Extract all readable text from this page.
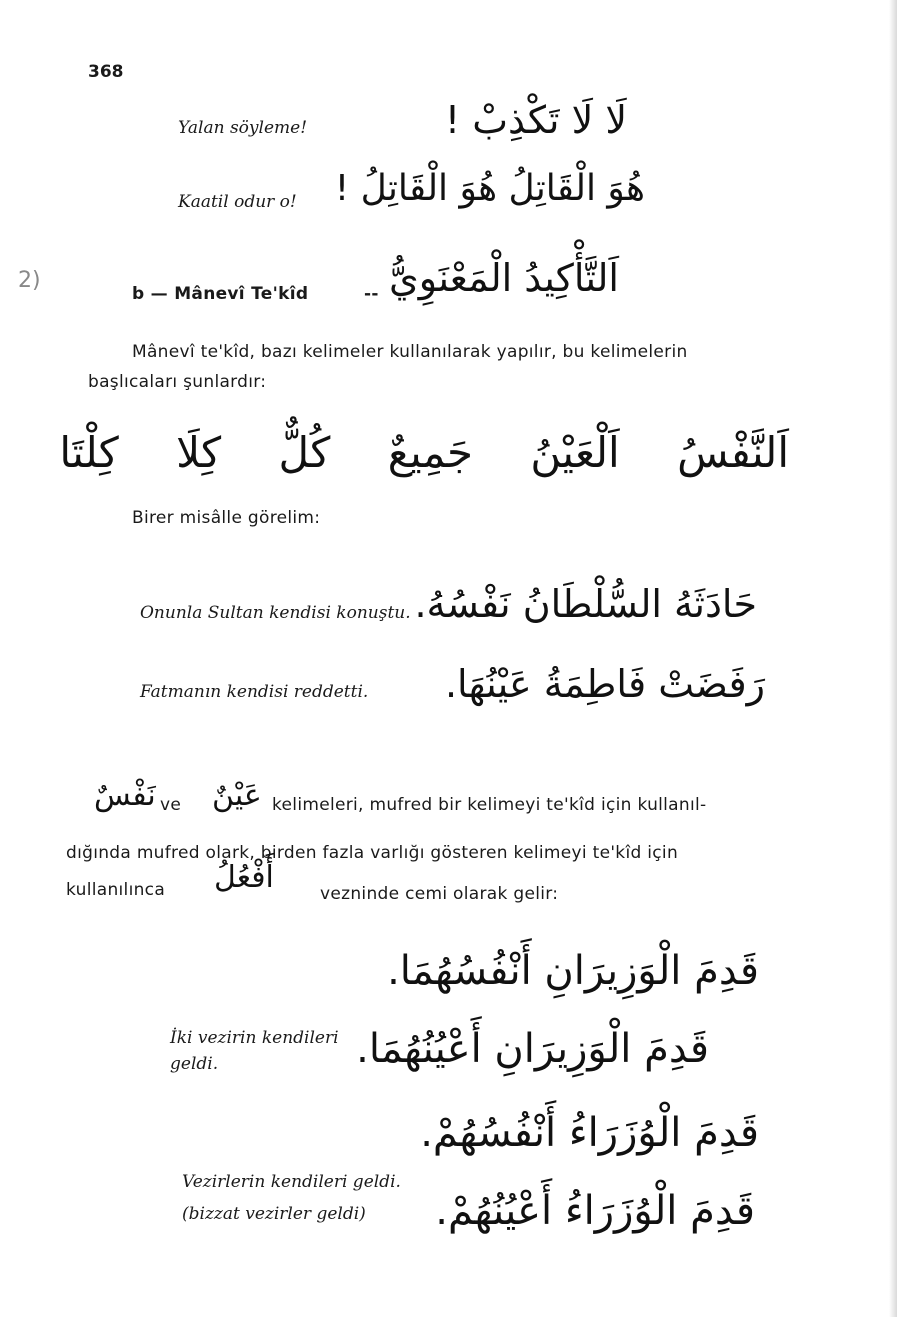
368
2)
Yalan söyleme!	لَا لَا تَكْذِبْ !
Kaatil odur o! هُوَ الْقَاتِلُ هُوَ الْقَاتِلُ !
b — Mânevî Te'kîd	-- اَلتَّأْكِيدُ الْمَعْنَوِيُّ
Mânevî te'kîd, bazı kelimeler kullanılarak yapılır, bu kelimelerin
başlıcaları şunlardır:
اَلنَّفْسُ اَلْعَيْنُ جَمِيعٌ كُلٌّ كِلَا كِلْتَا
Birer misâlle görelim:
Onunla Sultan kendisi konuştu. حَادَثَهُ السُّلْطَانُ نَفْسُهُ.
Fatmanın kendisi reddetti. رَفَضَتْ فَاطِمَةُ عَيْنُهَا.
نَفْسٌ ve عَيْنٌ kelimeleri, mufred bir kelimeyi te'kîd için kullanıl-
dığında mufred olark, birden fazla varlığı gösteren kelimeyi te'kîd için
kullanılınca أَفْعُلُ	vezninde cemi olarak gelir:
قَدِمَ الْوَزِيرَانِ أَنْفُسُهُمَا.
İki vezirin kendileri
geldi.	قَدِمَ الْوَزِيرَانِ أَعْيُنُهُمَا.
قَدِمَ الْوُزَرَاءُ أَنْفُسُهُمْ.
Vezirlerin kendileri geldi.
(bizzat vezirler geldi) قَدِمَ الْوُزَرَاءُ أَعْيُنُهُمْ.
